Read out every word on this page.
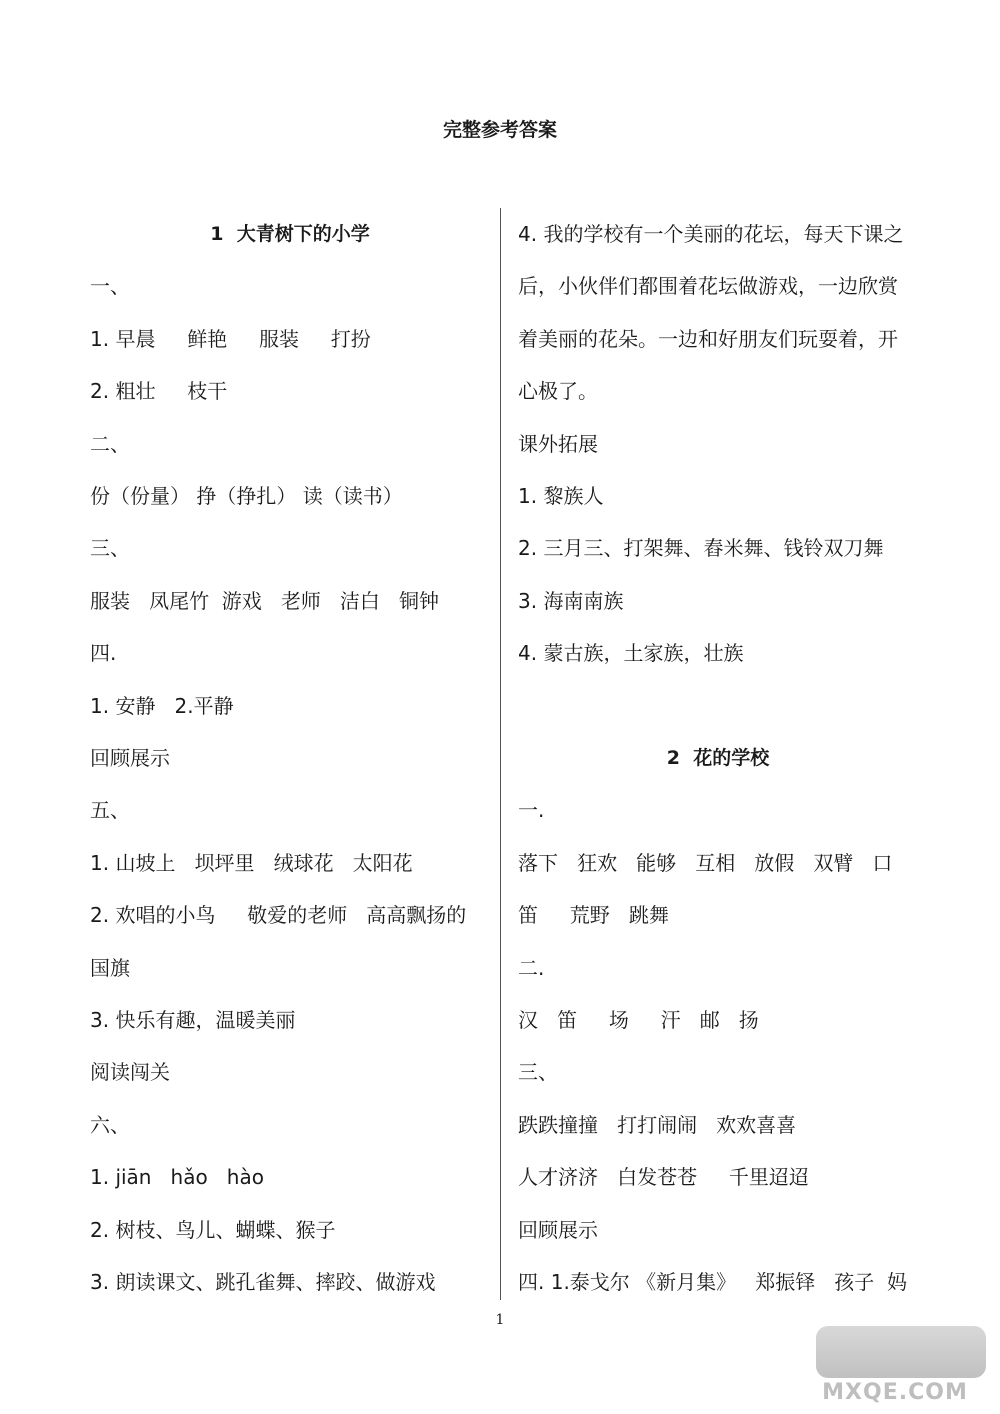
完整参考答案
1  大青树下的小学
一、
1. 早晨     鲜艳     服装     打扮
2. 粗壮     枝干
二、
份（份量） 挣（挣扎） 读（读书）
三、
服装   凤尾竹  游戏   老师   洁白   铜钟
四.
1. 安静   2.平静
回顾展示
五、
1. 山坡上   坝坪里   绒球花   太阳花
2. 欢唱的小鸟     敬爱的老师   高高飘扬的
国旗
3. 快乐有趣，温暖美丽
阅读闯关
六、
1. jiān   hǎo   hào
2. 树枝、鸟儿、蝴蝶、猴子
3. 朗读课文、跳孔雀舞、摔跤、做游戏
4. 我的学校有一个美丽的花坛，每天下课之
后，小伙伴们都围着花坛做游戏，一边欣赏
着美丽的花朵。一边和好朋友们玩耍着，开
心极了。
课外拓展
1. 黎族人
2. 三月三、打架舞、舂米舞、钱铃双刀舞
3. 海南南族
4. 蒙古族，土家族，壮族
2  花的学校
一.
落下   狂欢   能够   互相   放假   双臂   口
笛     荒野   跳舞
二.
汉   笛     场     汗   邮   扬
三、
跌跌撞撞   打打闹闹   欢欢喜喜
人才济济   白发苍苍     千里迢迢
回顾展示
四. 1.泰戈尔 《新月集》   郑振铎   孩子  妈
1
MXQE.COM
